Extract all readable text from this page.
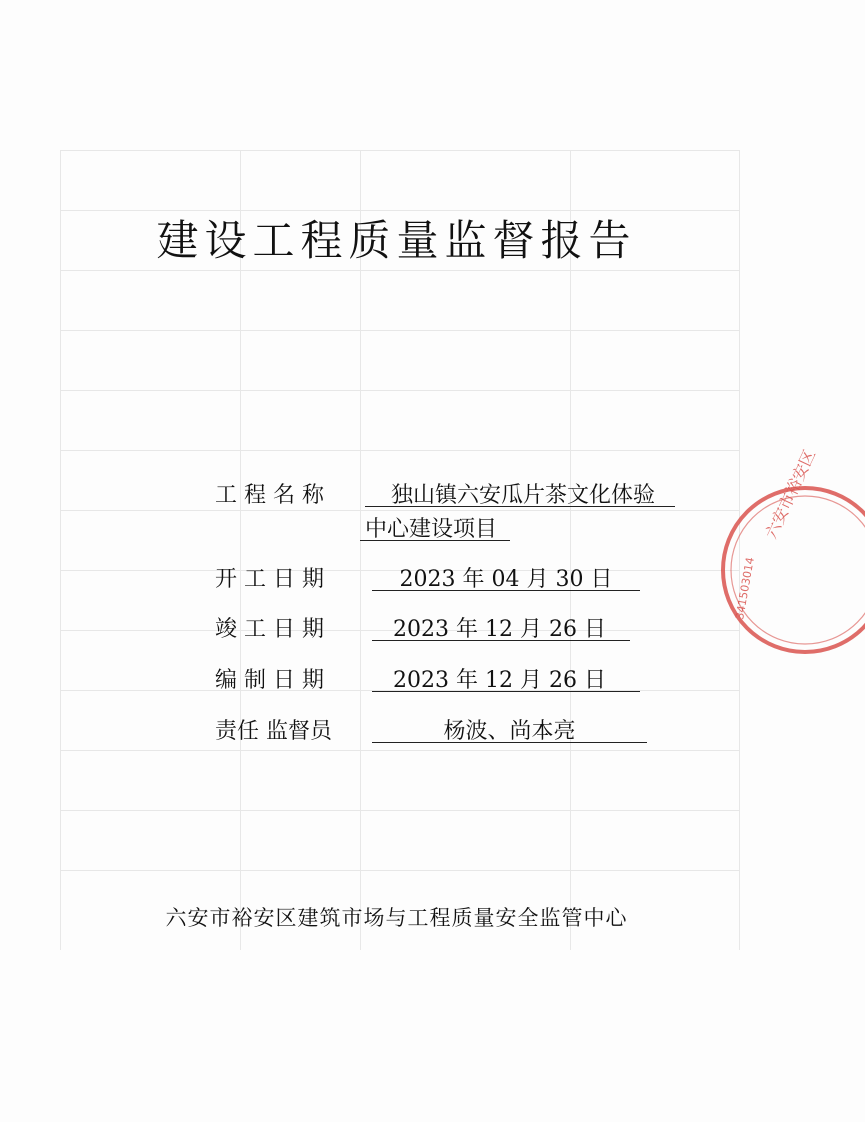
建设工程质量监督报告
工 程 名 称	独山镇六安瓜片茶文化体验
中心建设项目
开 工 日 期	2023 年 04 月 30 日
竣 工 日 期	2023 年 12 月 26 日
编 制 日 期	2023 年 12 月 26 日
责任 监督员	杨波、尚本亮
六安市裕安区建筑市场与工程质量安全监管中心
六安市裕安区
341503014
